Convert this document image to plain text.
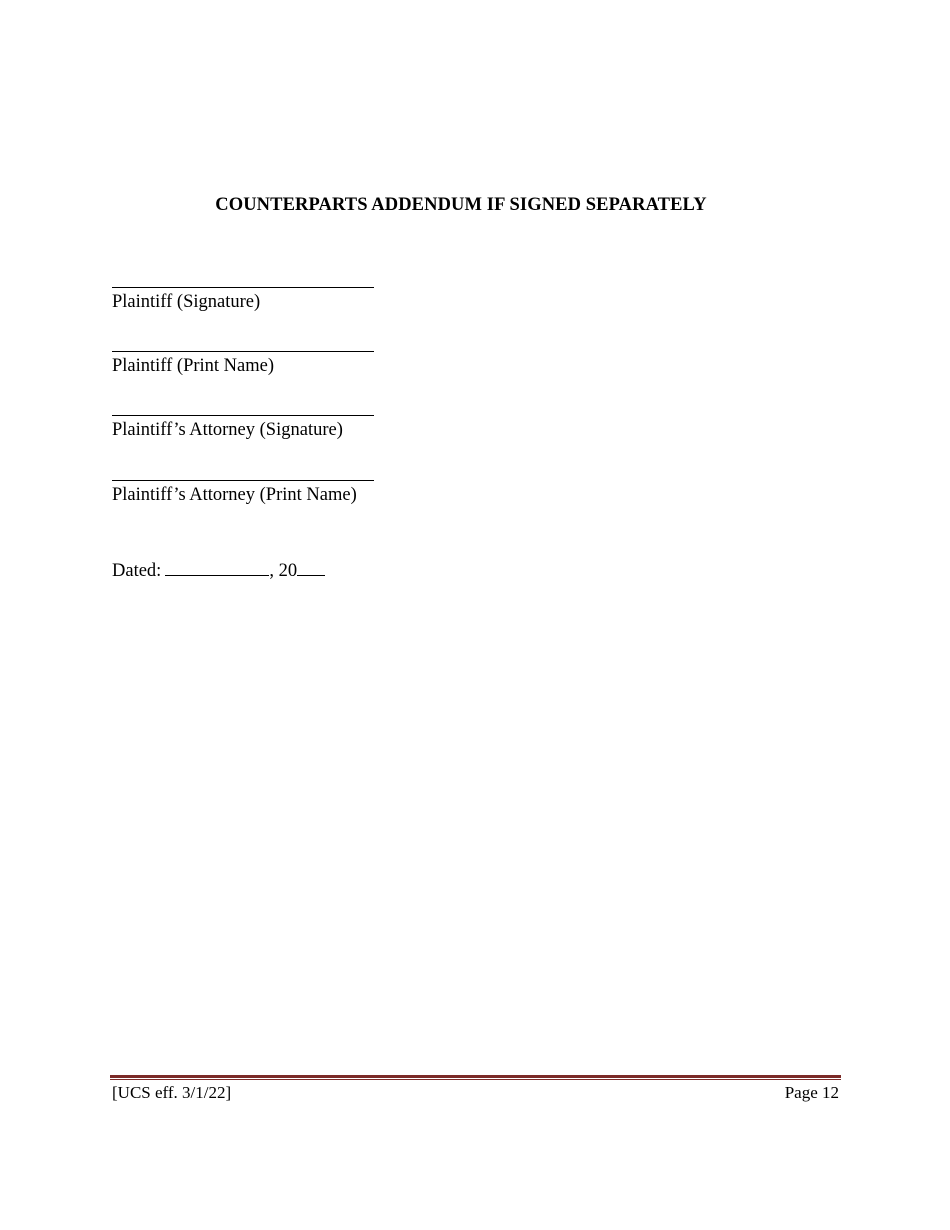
COUNTERPARTS ADDENDUM IF SIGNED SEPARATELY
Plaintiff (Signature)
Plaintiff (Print Name)
Plaintiff’s Attorney (Signature)
Plaintiff’s Attorney (Print Name)
Dated:	, 20
[UCS eff. 3/1/22]	Page 12
